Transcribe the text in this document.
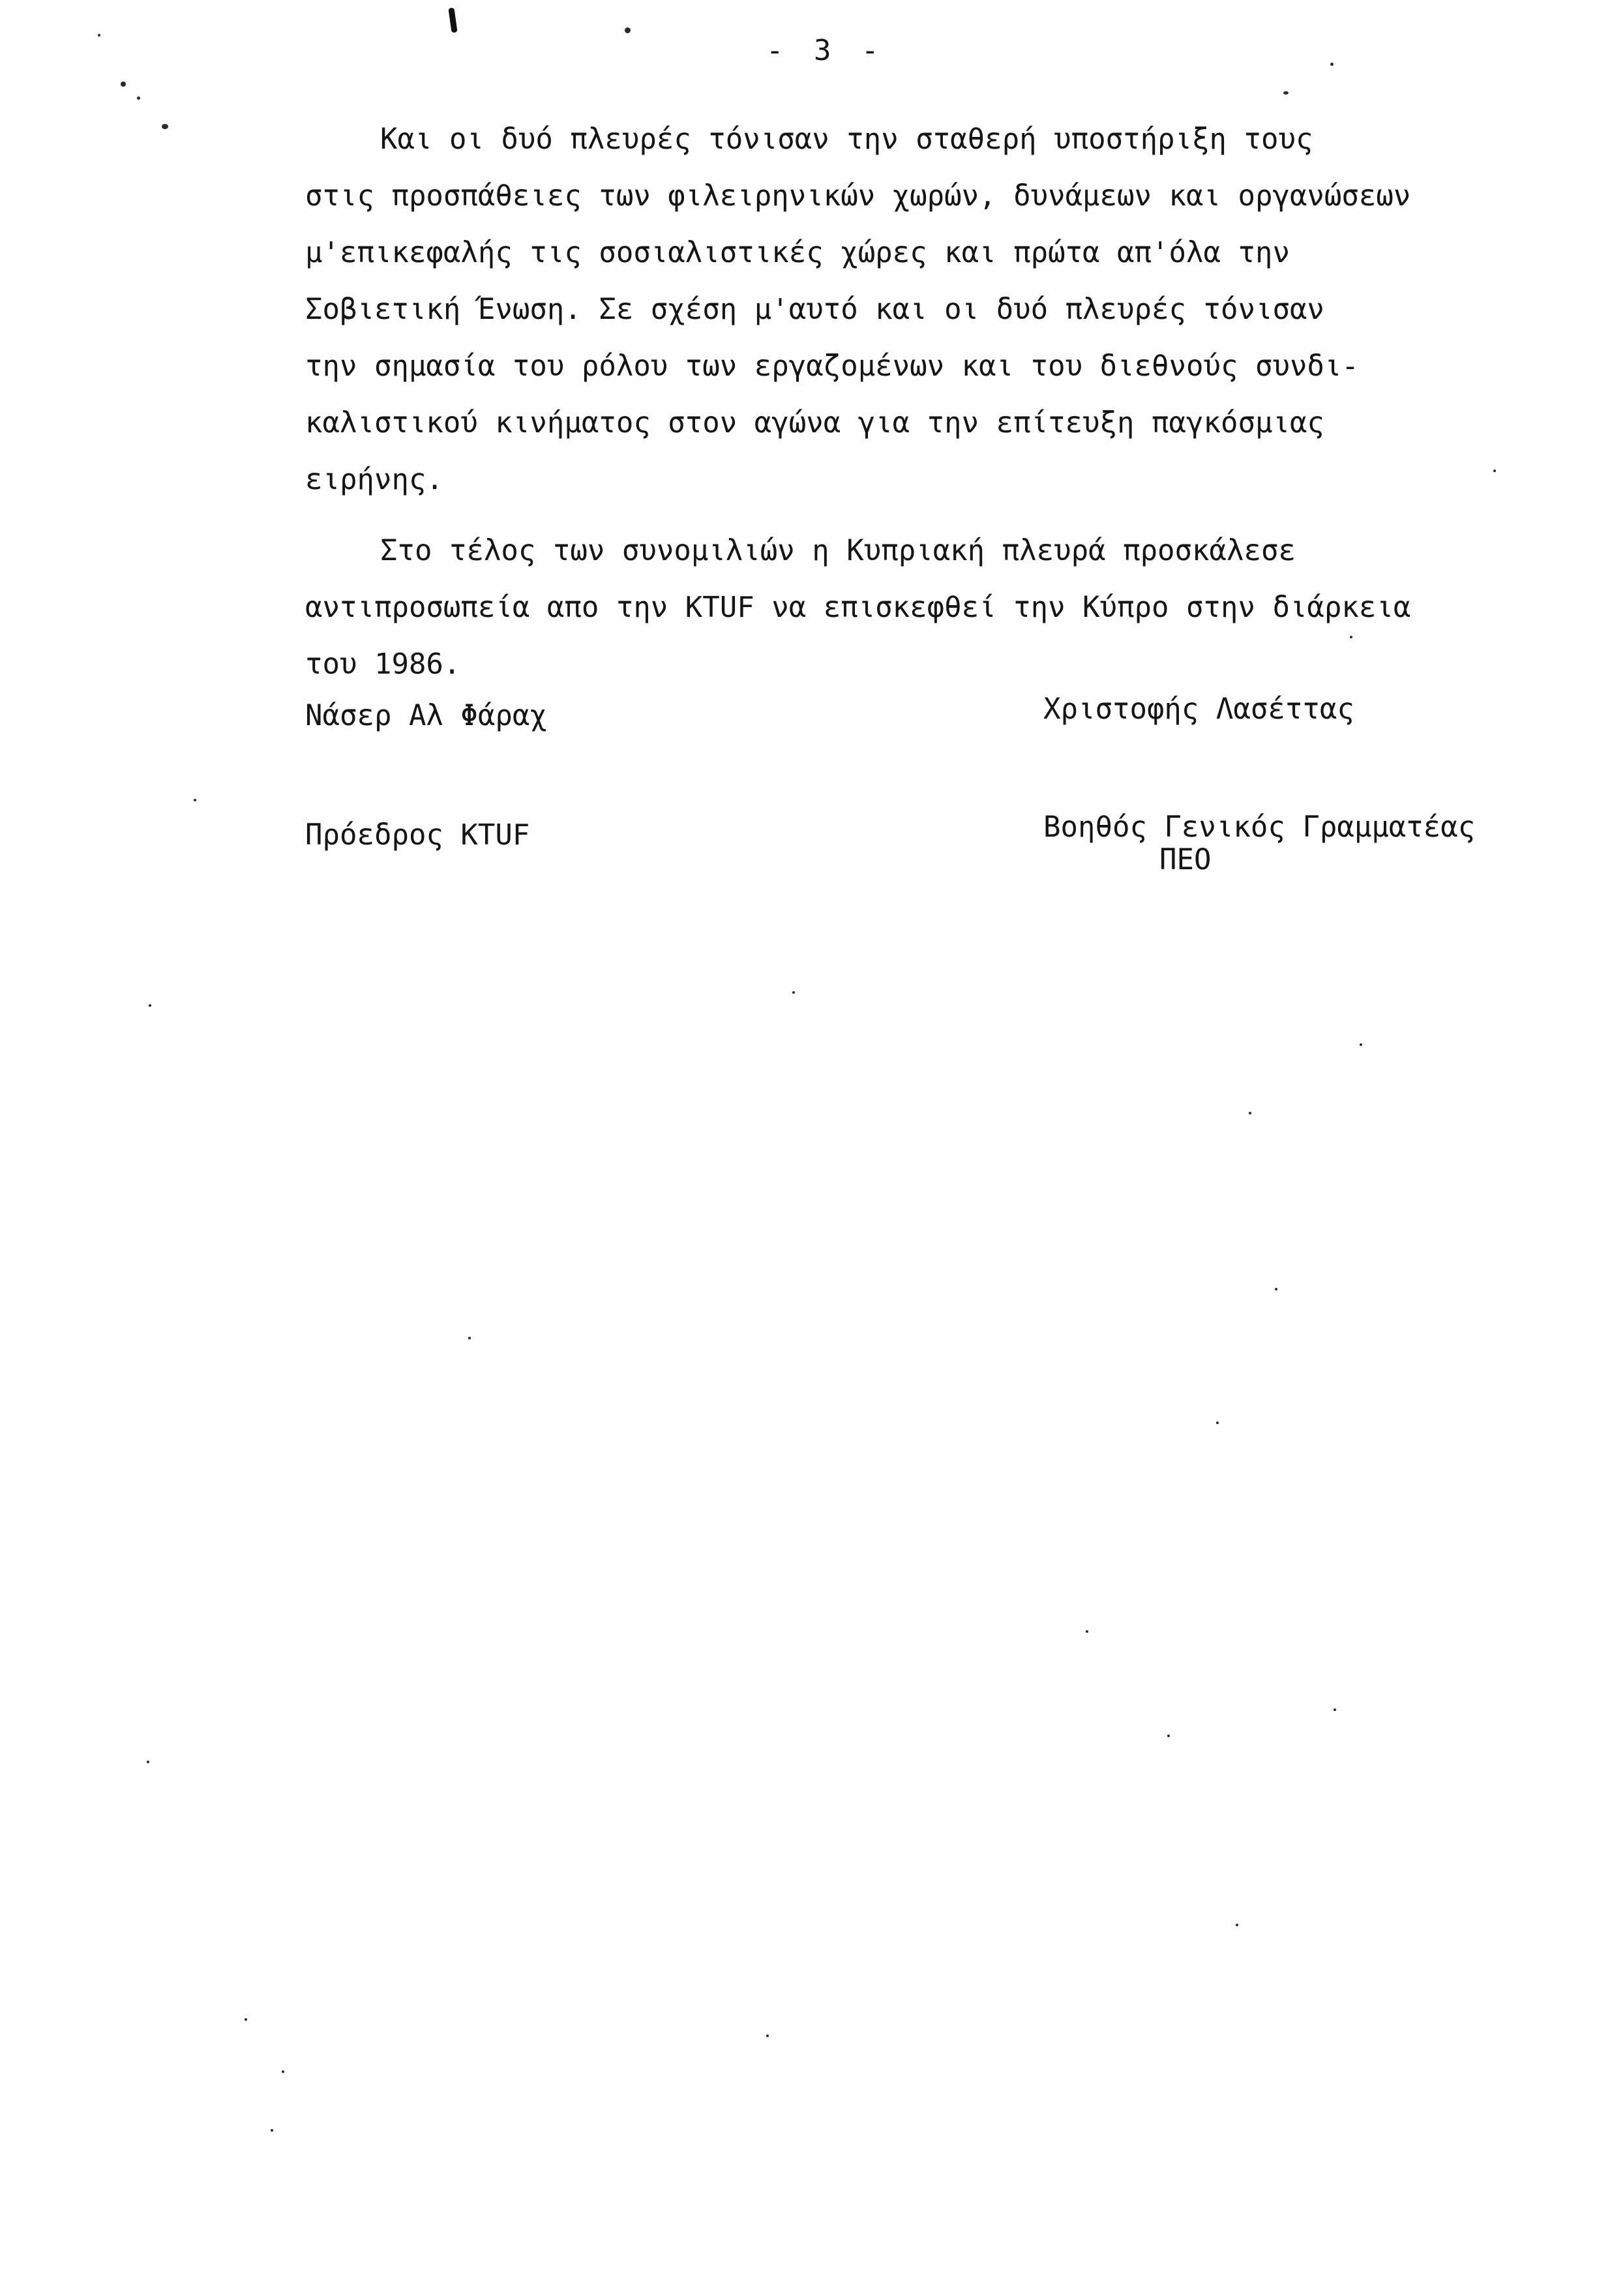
- 3 -
Και οι δυό πλευρές τόνισαν την σταθερή υποστήριξη τους
στις προσπάθειες των φιλειρηνικών χωρών, δυνάμεων και οργανώσεων
μ'επικεφαλής τις σοσιαλιστικές χώρες και πρώτα απ'όλα την
Σοβιετική Ένωση. Σε σχέση μ'αυτό και οι δυό πλευρές τόνισαν
την σημασία του ρόλου των εργαζομένων και του διεθνούς συνδι-
καλιστικού κινήματος στον αγώνα για την επίτευξη παγκόσμιας
ειρήνης.
Στο τέλος των συνομιλιών η Κυπριακή πλευρά προσκάλεσε
αντιπροσωπεία απο την KTUF να επισκεφθεί την Κύπρο στην διάρκεια
του 1986.
Νάσερ Αλ Φάραχ
Πρόεδρος KTUF
Χριστοφής Λασέττας
Βοηθός Γενικός Γραμματέας
ΠΕΟ
